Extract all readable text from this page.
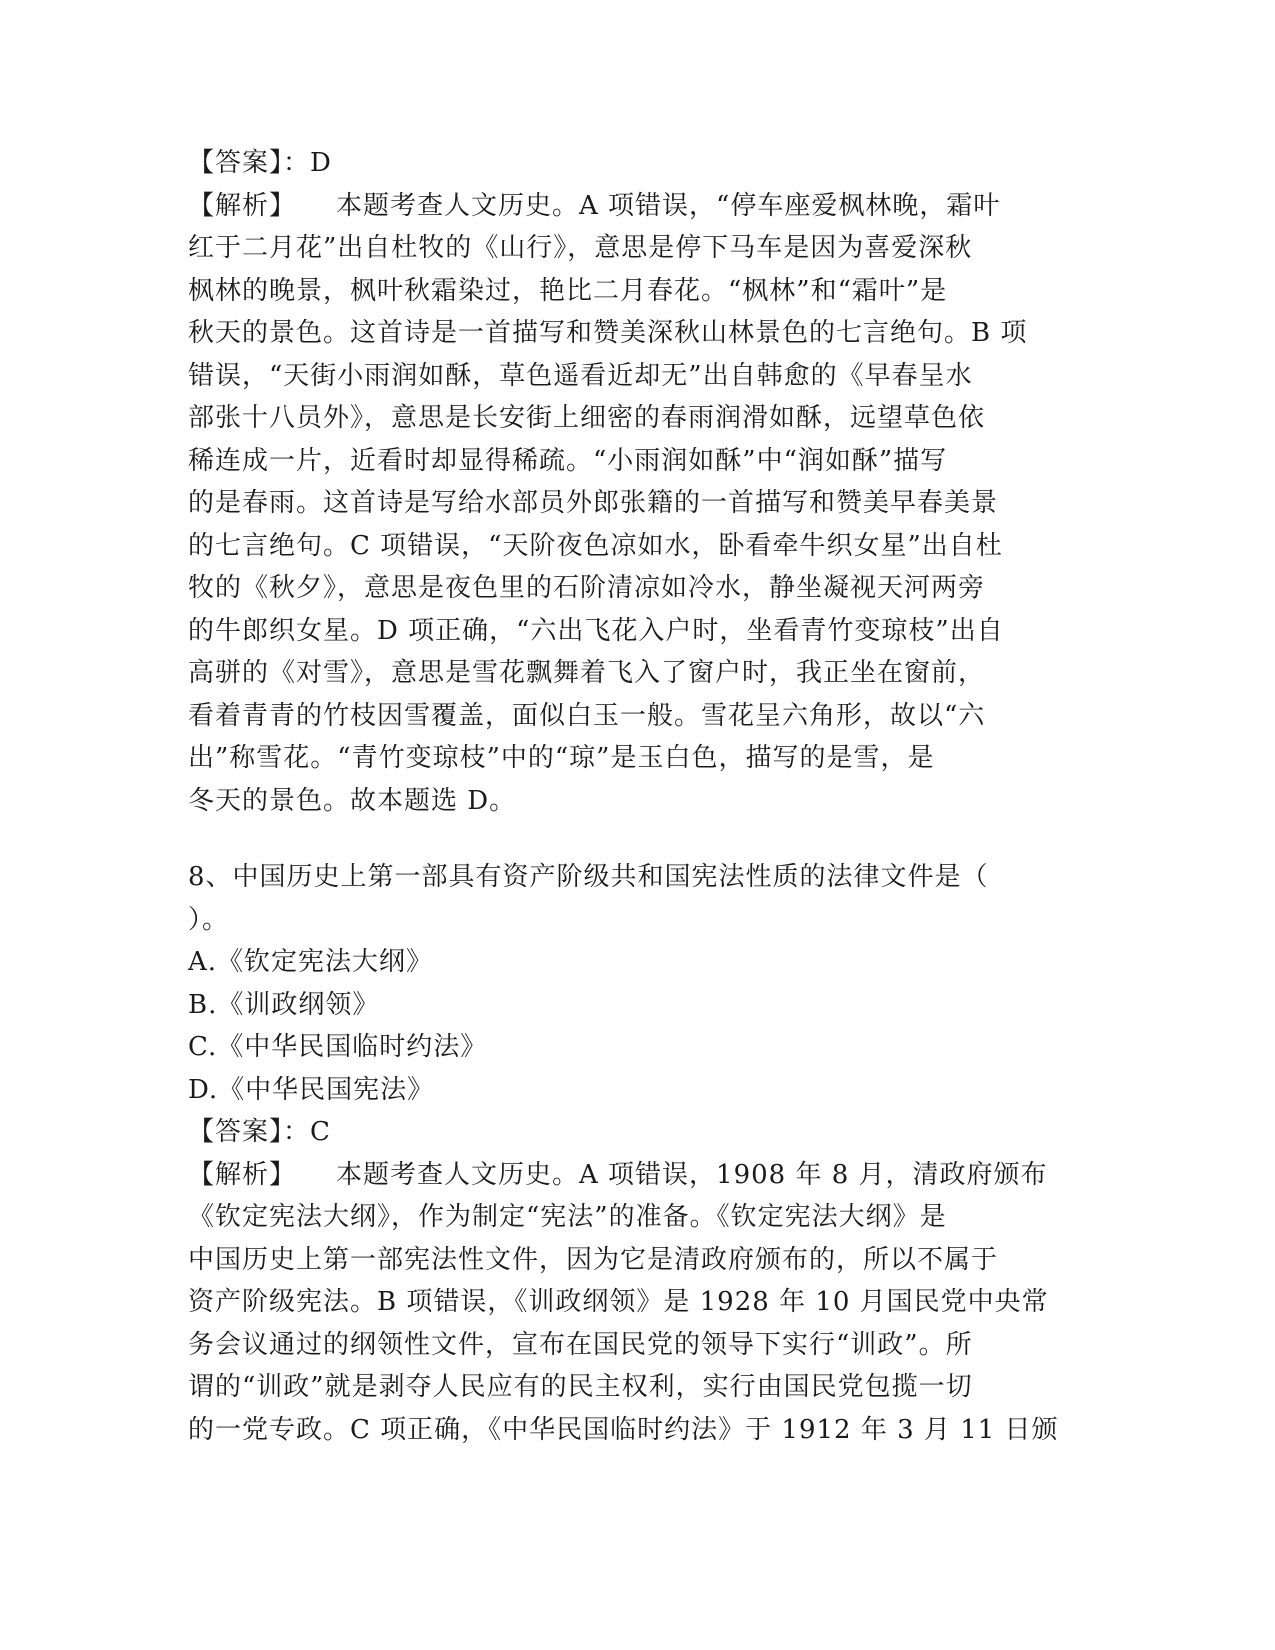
【答案】：D
【解析】 本题考查人文历史。A 项错误，“停车座爱枫林晚，霜叶
红于二月花”出自杜牧的《山行》，意思是停下马车是因为喜爱深秋
枫林的晚景，枫叶秋霜染过，艳比二月春花。“枫林”和“霜叶”是
秋天的景色。这首诗是一首描写和赞美深秋山林景色的七言绝句。B 项
错误，“天街小雨润如酥，草色遥看近却无”出自韩愈的《早春呈水
部张十八员外》，意思是长安街上细密的春雨润滑如酥，远望草色依
稀连成一片，近看时却显得稀疏。“小雨润如酥”中“润如酥”描写
的是春雨。这首诗是写给水部员外郎张籍的一首描写和赞美早春美景
的七言绝句。C 项错误，“天阶夜色凉如水，卧看牵牛织女星”出自杜
牧的《秋夕》，意思是夜色里的石阶清凉如冷水，静坐凝视天河两旁
的牛郎织女星。D 项正确，“六出飞花入户时，坐看青竹变琼枝”出自
高骈的《对雪》，意思是雪花飘舞着飞入了窗户时，我正坐在窗前，
看着青青的竹枝因雪覆盖，面似白玉一般。雪花呈六角形，故以“六
出”称雪花。“青竹变琼枝”中的“琼”是玉白色，描写的是雪，是
冬天的景色。故本题选 D。
8、中国历史上第一部具有资产阶级共和国宪法性质的法律文件是（
）。
A.《钦定宪法大纲》
B.《训政纲领》
C.《中华民国临时约法》
D.《中华民国宪法》
【答案】：C
【解析】 本题考查人文历史。A 项错误，1908 年 8 月，清政府颁布
《钦定宪法大纲》，作为制定“宪法”的准备。《钦定宪法大纲》是
中国历史上第一部宪法性文件，因为它是清政府颁布的，所以不属于
资产阶级宪法。B 项错误，《训政纲领》是 1928 年 10 月国民党中央常
务会议通过的纲领性文件，宣布在国民党的领导下实行“训政”。所
谓的“训政”就是剥夺人民应有的民主权利，实行由国民党包揽一切
的一党专政。C 项正确，《中华民国临时约法》于 1912 年 3 月 11 日颁
